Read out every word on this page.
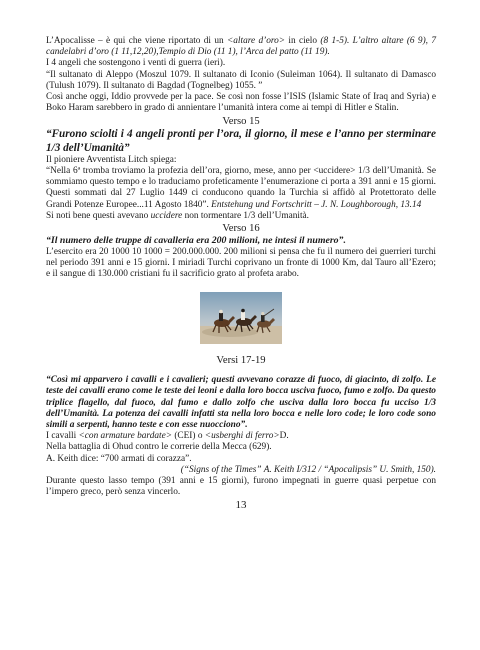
L’Apocalisse – è qui che viene riportato di un <altare d’oro> in cielo (8 1-5). L’altro altare (6 9), 7 candelabri d’oro (1 11,12,20),Tempio di Dio (11 1), l’Arca del patto (11 19).

I 4 angeli che sostengono i venti di guerra (ieri).

“Il sultanato di Aleppo (Moszul 1079. Il sultanato di Iconio (Suleiman 1064). Il sultanato di Damasco (Tulush 1079). Il sultanato di Bagdad (Tognelbeg) 1055. ”

Così anche oggi, Iddio provvede per la pace. Se così non fosse l’ISIS (Islamic State of Iraq and Syria) e Boko Haram sarebbero in grado di annientare l’umanità intera come ai tempi di Hitler e Stalin.

Verso 15

“Furono sciolti i 4 angeli pronti per l’ora, il giorno, il mese e l’anno per sterminare 1/3 dell’Umanità”

Il pioniere Avventista Litch spiega:

“Nella 6ª tromba troviamo la profezia dell’ora, giorno, mese, anno per <uccidere> 1/3 dell’Umanità. Se sommiamo questo tempo e lo traduciamo profeticamente l’enumerazione ci porta a 391 anni e 15 giorni. Questi sommati dal 27 Luglio 1449 ci conducono quando la Turchia si affidò al Protettorato delle Grandi Potenze Europee...11 Agosto 1840”. Entstehung und Fortschritt – J. N. Loughborough, 13.14

Si noti bene questi avevano uccidere non tormentare 1/3 dell’Umanità.

Verso 16

“Il numero delle truppe di cavalleria era 200 milioni, ne intesi il numero”.

L’esercito era 20 1000 10 1000 = 200.000.000. 200 milioni si pensa che fu il numero dei guerrieri turchi nel periodo 391 anni e 15 giorni. I miriadi Turchi coprivano un fronte di 1000 Km, dal Tauro all’Ezero; e il sangue di 130.000 cristiani fu il sacrificio grato al profeta arabo.

Versi 17-19

“Così mi apparvero i cavalli e i cavalieri; questi avvevano corazze di fuoco, di giacinto, di zolfo. Le teste dei cavalli erano come le teste dei leoni e dalla loro bocca usciva fuoco, fumo e zolfo. Da questo triplice flagello, dal fuoco, dal fumo e dallo zolfo che usciva dalla loro bocca fu ucciso 1/3 dell’Umanità. La potenza dei cavalli infatti sta nella loro bocca e nelle loro code; le loro code sono simili a serpenti, hanno teste e con esse nuocciono”.

I cavalli <con armature bardate> (CEI) o <usberghi di ferro>D.

Nella battaglia di Ohud contro le correrie della Mecca (629).

A. Keith dice: “700 armati di corazza”.

(“Signs of the Times” A. Keith I/312 / “Apocalipsis” U. Smith, 150).

Durante questo lasso tempo (391 anni e 15 giorni), furono impegnati in guerre quasi perpetue con l’impero greco, però senza vincerlo.

13
